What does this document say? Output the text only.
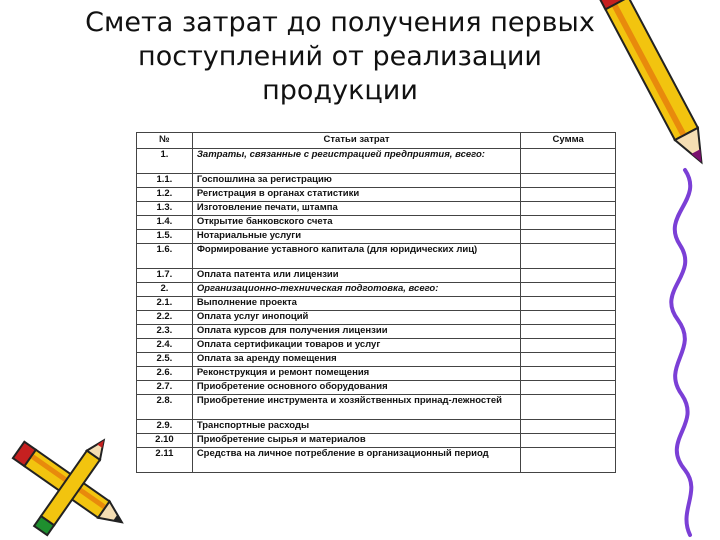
Смета затрат до получения первых
поступлений от реализации
продукции
№	Статьи затрат	Сумма
1.	Затраты, связанные с регистрацией предприятия, всего:	
1.1.	Госпошлина за регистрацию	
1.2.	Регистрация в органах статистики	
1.3.	Изготовление печати, штампа	
1.4.	Открытие банковского счета	
1.5.	Нотариальные услуги	
1.6.	Формирование уставного капитала (для юридических лиц)	
1.7.	Оплата патента или лицензии	
2.	Организационно-техническая подготовка, всего:	
2.1.	Выполнение проекта	
2.2.	Оплата услуг инопоций	
2.3.	Оплата курсов для получения лицензии	
2.4.	Оплата сертификации товаров и услуг	
2.5.	Оплата за аренду помещения	
2.6.	Реконструкция и ремонт помещения	
2.7.	Приобретение основного оборудования	
2.8.	Приобретение инструмента и хозяйственных принад-лежностей	
2.9.	Транспортные расходы	
2.10	Приобретение сырья и материалов	
2.11	Средства на личное потребление в организационный период	
